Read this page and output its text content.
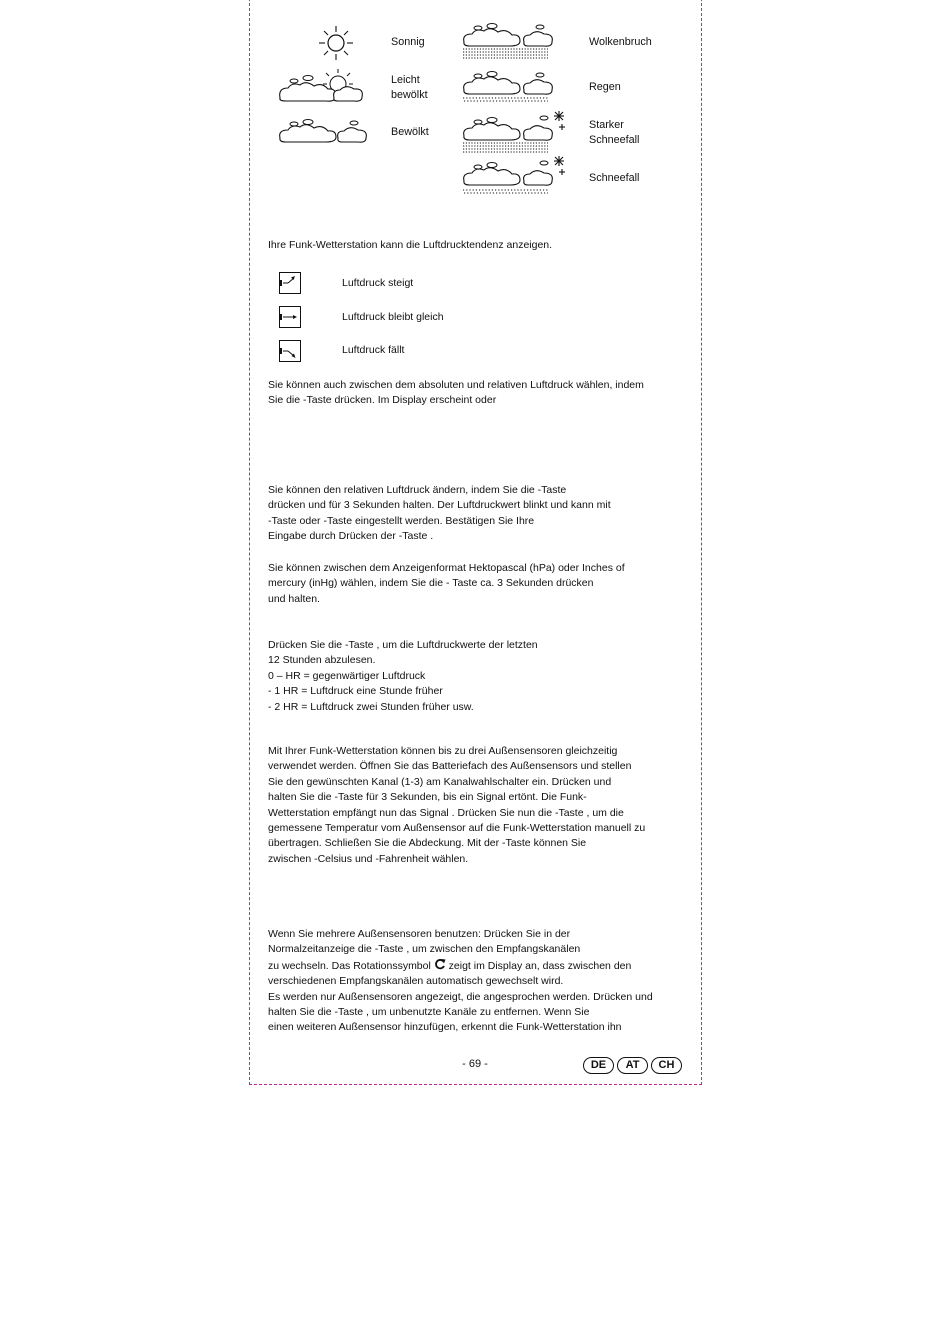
Sonnig
Leicht
bewölkt
Bewölkt
Wolkenbruch
Regen
Starker
Schneefall
Schneefall
Ihre Funk-Wetterstation kann die Luftdrucktendenz anzeigen.
Luftdruck steigt
Luftdruck bleibt gleich
Luftdruck fällt
Sie können auch zwischen dem absoluten und relativen Luftdruck wählen, indem
Sie die -Taste drücken. Im Display erscheint oder
Sie können den relativen Luftdruck ändern, indem Sie die -Taste
drücken und für 3 Sekunden halten. Der Luftdruckwert blinkt und kann mit
-Taste oder -Taste eingestellt werden. Bestätigen Sie Ihre
Eingabe durch Drücken der -Taste .
Sie können zwischen dem Anzeigenformat Hektopascal (hPa) oder Inches of
mercury (inHg) wählen, indem Sie die - Taste ca. 3 Sekunden drücken
und halten.
Drücken Sie die -Taste , um die Luftdruckwerte der letzten
12 Stunden abzulesen.
0 – HR = gegenwärtiger Luftdruck
- 1 HR = Luftdruck eine Stunde früher
- 2 HR = Luftdruck zwei Stunden früher usw.
Mit Ihrer Funk-Wetterstation können bis zu drei Außensensoren gleichzeitig
verwendet werden. Öffnen Sie das Batteriefach des Außensensors und stellen
Sie den gewünschten Kanal (1-3) am Kanalwahlschalter ein. Drücken und
halten Sie die -Taste für 3 Sekunden, bis ein Signal ertönt. Die Funk-
Wetterstation empfängt nun das Signal . Drücken Sie nun die -Taste , um die
gemessene Temperatur vom Außensensor auf die Funk-Wetterstation manuell zu
übertragen. Schließen Sie die Abdeckung. Mit der -Taste können Sie
zwischen -Celsius und -Fahrenheit wählen.
Wenn Sie mehrere Außensensoren benutzen: Drücken Sie in der
Normalzeitanzeige die -Taste , um zwischen den Empfangskanälen
zu wechseln. Das Rotationssymbol  zeigt im Display an, dass zwischen den
verschiedenen Empfangskanälen automatisch gewechselt wird.
Es werden nur Außensensoren angezeigt, die angesprochen werden. Drücken und
halten Sie die -Taste , um unbenutzte Kanäle zu entfernen. Wenn Sie
einen weiteren Außensensor hinzufügen, erkennt die Funk-Wetterstation ihn
- 69 -	DE	AT	CH
